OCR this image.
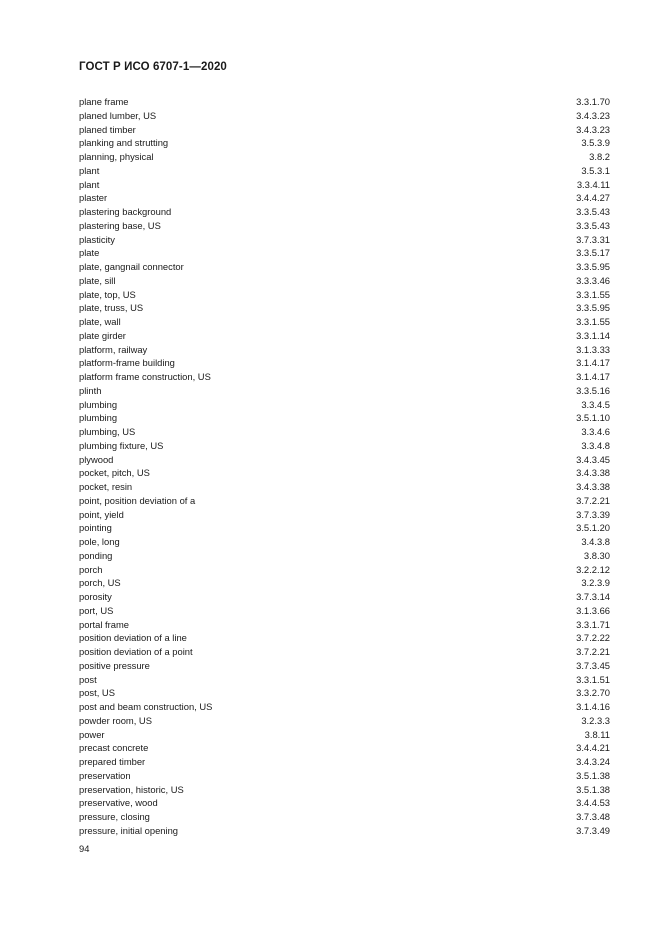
ГОСТ Р ИСО 6707-1—2020
plane frame	3.3.1.70
planed lumber, US	3.4.3.23
planed timber	3.4.3.23
planking and strutting	3.5.3.9
planning, physical	3.8.2
plant	3.5.3.1
plant	3.3.4.11
plaster	3.4.4.27
plastering background	3.3.5.43
plastering base, US	3.3.5.43
plasticity	3.7.3.31
plate	3.3.5.17
plate, gangnail connector	3.3.5.95
plate, sill	3.3.3.46
plate, top, US	3.3.1.55
plate, truss, US	3.3.5.95
plate, wall	3.3.1.55
plate girder	3.3.1.14
platform, railway	3.1.3.33
platform-frame building	3.1.4.17
platform frame construction, US	3.1.4.17
plinth	3.3.5.16
plumbing	3.3.4.5
plumbing	3.5.1.10
plumbing, US	3.3.4.6
plumbing fixture, US	3.3.4.8
plywood	3.4.3.45
pocket, pitch, US	3.4.3.38
pocket, resin	3.4.3.38
point, position deviation of a	3.7.2.21
point, yield	3.7.3.39
pointing	3.5.1.20
pole, long	3.4.3.8
ponding	3.8.30
porch	3.2.2.12
porch, US	3.2.3.9
porosity	3.7.3.14
port, US	3.1.3.66
portal frame	3.3.1.71
position deviation of a line	3.7.2.22
position deviation of a point	3.7.2.21
positive pressure	3.7.3.45
post	3.3.1.51
post, US	3.3.2.70
post and beam construction, US	3.1.4.16
powder room, US	3.2.3.3
power	3.8.11
precast concrete	3.4.4.21
prepared timber	3.4.3.24
preservation	3.5.1.38
preservation, historic, US	3.5.1.38
preservative, wood	3.4.4.53
pressure, closing	3.7.3.48
pressure, initial opening	3.7.3.49
94
